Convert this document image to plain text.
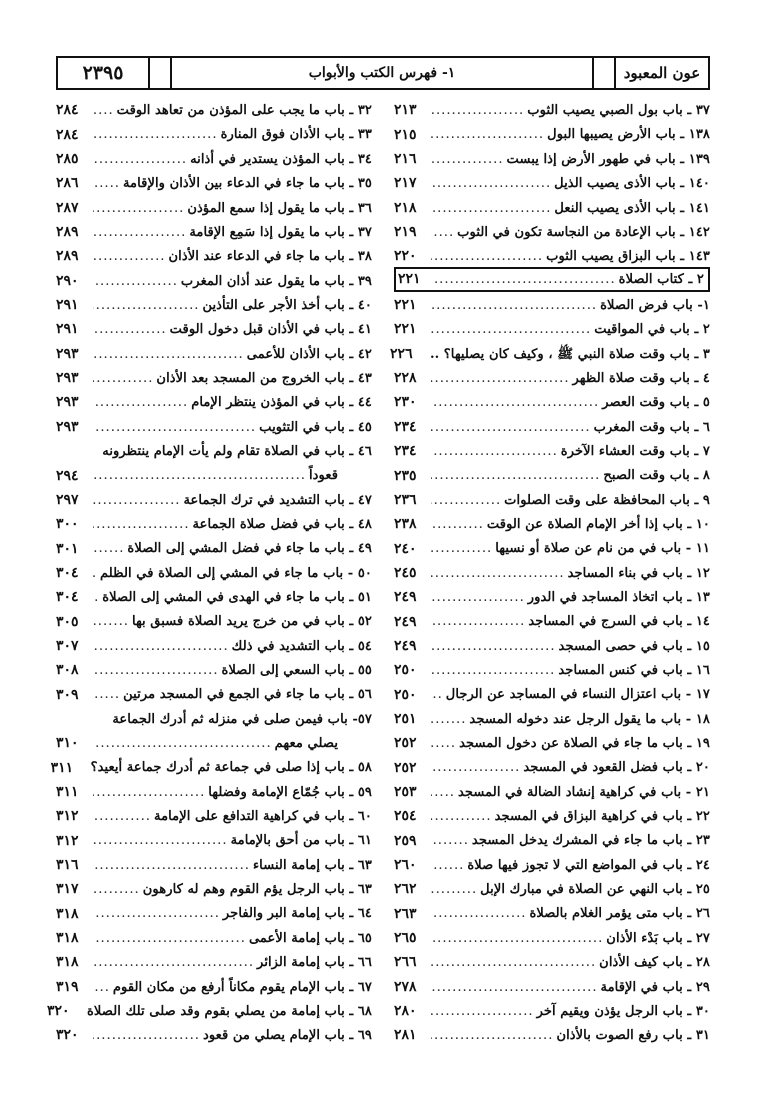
٢٣٩٥	١- فهرس الكتب والأبواب	عون المعبود
٣٧ ـ باب بول الصبي يصيب الثوب
.....
٢١٣
١٣٨ ـ باب الأرض يصيبها البول
.....
٢١٥
١٣٩ ـ باب في طهور الأرض إذا يبست
.....
٢١٦
١٤٠ ـ باب الأذى يصيب الذيل
.....
٢١٧
١٤١ ـ باب الأذى يصيب النعل
.....
٢١٨
١٤٢ ـ باب الإعادة من النجاسة تكون في الثوب
.....
٢١٩
١٤٣ ـ باب البزاق يصيب الثوب
.....
٢٢٠
٢ ـ كتاب الصلاة
.....
٢٢١
١- باب فرض الصلاة
.....
٢٢١
٢ ـ باب في المواقيت
.....
٢٢١
٣ ـ باب وقت صلاة النبي ﷺ ، وكيف كان يصليها؟ ..
٢٢٦
٤ ـ باب وقت صلاة الظهر
.....
٢٢٨
٥ ـ باب وقت العصر
.....
٢٣٠
٦ ـ باب وقت المغرب
.....
٢٣٤
٧ ـ باب وقت العشاء الآخرة
.....
٢٣٤
٨ ـ باب وقت الصبح
.....
٢٣٥
٩ ـ باب المحافظة على وقت الصلوات
.....
٢٣٦
١٠ ـ باب إذا أخر الإمام الصلاة عن الوقت
.....
٢٣٨
١١ - باب في من نام عن صلاة أو نسيها
.....
٢٤٠
١٢ ـ باب في بناء المساجد
.....
٢٤٥
١٣ ـ باب اتخاذ المساجد في الدور
.....
٢٤٩
١٤ ـ باب في السرج في المساجد
.....
٢٤٩
١٥ ـ باب في حصى المسجد
.....
٢٤٩
١٦ ـ باب في كنس المساجد
.....
٢٥٠
١٧ - باب اعتزال النساء في المساجد عن الرجال
.....
٢٥٠
١٨ - باب ما يقول الرجل عند دخوله المسجد
.....
٢٥١
١٩ ـ باب ما جاء في الصلاة عن دخول المسجد
.....
٢٥٢
٢٠ ـ باب فضل القعود في المسجد
.....
٢٥٢
٢١ - باب في كراهية إنشاد الضالة في المسجد
.....
٢٥٣
٢٢ ـ باب في كراهية البزاق في المسجد
.....
٢٥٤
٢٣ ـ باب ما جاء في المشرك يدخل المسجد
.....
٢٥٩
٢٤ ـ باب في المواضع التي لا تجوز فيها صلاة
.....
٢٦٠
٢٥ ـ باب النهي عن الصلاة في مبارك الإبل
.....
٢٦٢
٢٦ ـ باب متى يؤمر الغلام بالصلاة
.....
٢٦٣
٢٧ ـ باب بَدْء الأذان
.....
٢٦٥
٢٨ ـ باب كيف الأذان
.....
٢٦٦
٢٩ ـ باب في الإقامة
.....
٢٧٨
٣٠ ـ باب الرجل يؤذن ويقيم آخر
.....
٢٨٠
٣١ ـ باب رفع الصوت بالأذان
.....
٢٨١
٣٢ ـ باب ما يجب على المؤذن من تعاهد الوقت
.....
٢٨٤
٣٣ ـ باب الأذان فوق المنارة
.....
٢٨٤
٣٤ ـ باب المؤذن يستدير في أذانه
.....
٢٨٥
٣٥ ـ باب ما جاء في الدعاء بين الأذان والإقامة
.....
٢٨٦
٣٦ ـ باب ما يقول إذا سمع المؤذن
.....
٢٨٧
٣٧ ـ باب ما يقول إذا سَمِع الإقامة
.....
٢٨٩
٣٨ ـ باب ما جاء في الدعاء عند الأذان
.....
٢٨٩
٣٩ ـ باب ما يقول عند أذان المغرب
.....
٢٩٠
٤٠ ـ باب أخذ الأجر على التأذين
.....
٢٩١
٤١ ـ باب في الأذان قبل دخول الوقت
.....
٢٩١
٤٢ ـ باب الأذان للأعمى
.....
٢٩٣
٤٣ ـ باب الخروج من المسجد بعد الأذان
.....
٢٩٣
٤٤ ـ باب في المؤذن ينتظر الإمام
.....
٢٩٣
٤٥ ـ باب في التثويب
.....
٢٩٣
٤٦ ـ باب في الصلاة تقام ولم يأت الإمام ينتظرونه
قعوداً
.....
٢٩٤
٤٧ ـ باب التشديد في ترك الجماعة
.....
٢٩٧
٤٨ ـ باب في فضل صلاة الجماعة
.....
٣٠٠
٤٩ ـ باب ما جاء في فضل المشي إلى الصلاة
.....
٣٠١
٥٠ - باب ما جاء في المشي إلى الصلاة في الظلم
.....
٣٠٤
٥١ ـ باب ما جاء في الهدى في المشي إلى الصلاة
.....
٣٠٤
٥٢ ـ باب في من خرج يريد الصلاة فسبق بها
.....
٣٠٥
٥٤ ـ باب التشديد في ذلك
.....
٣٠٧
٥٥ ـ باب السعي إلى الصلاة
.....
٣٠٨
٥٦ ـ باب ما جاء في الجمع في المسجد مرتين
.....
٣٠٩
٥٧- باب فيمن صلى في منزله ثم أدرك الجماعة
يصلي معهم
.....
٣١٠
٥٨ ـ باب إذا صلى في جماعة ثم أدرك جماعة أيعيد؟
٣١١
٥٩ ـ باب جُمّاع الإمامة وفضلها
.....
٣١١
٦٠ ـ باب في كراهية التدافع على الإمامة
.....
٣١٢
٦١ ـ باب من أحق بالإمامة
.....
٣١٢
٦٣ ـ باب إمامة النساء
.....
٣١٦
٦٣ ـ باب الرجل يؤم القوم وهم له كارهون
.....
٣١٧
٦٤ ـ باب إمامة البر والفاجر
.....
٣١٨
٦٥ ـ باب إمامة الأعمى
.....
٣١٨
٦٦ ـ باب إمامة الزائر
.....
٣١٨
٦٧ ـ باب الإمام يقوم مكاناً أرفع من مكان القوم
.....
٣١٩
٦٨ ـ باب إمامة من يصلي بقوم وقد صلى تلك الصلاة
٣٢٠
٦٩ ـ باب الإمام يصلي من قعود
.....
٣٢٠
